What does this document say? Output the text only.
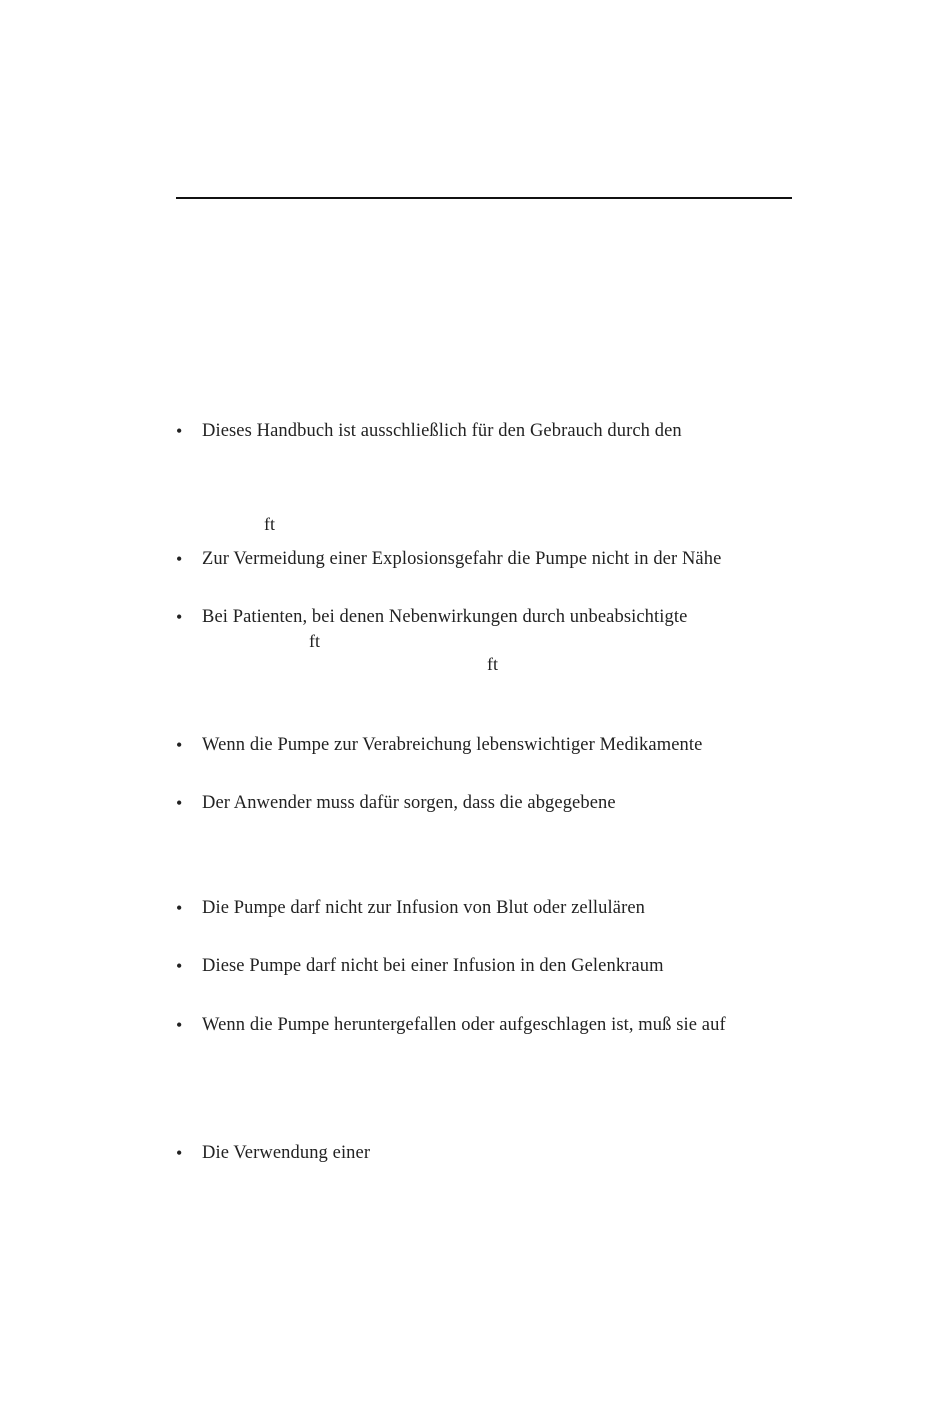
• Dieses Handbuch ist ausschließlich für den Gebrauch durch den
ft
• Zur Vermeidung einer Explosionsgefahr die Pumpe nicht in der Nähe
• Bei Patienten, bei denen Nebenwirkungen durch unbeabsichtigte
ft
ft
• Wenn die Pumpe zur Verabreichung lebenswichtiger Medikamente
• Der Anwender muss dafür sorgen, dass die abgegebene
• Die Pumpe darf nicht zur Infusion von Blut oder zellulären
• Diese Pumpe darf nicht bei einer Infusion in den Gelenkraum
• Wenn die Pumpe heruntergefallen oder aufgeschlagen ist, muß sie auf
• Die Verwendung einer
